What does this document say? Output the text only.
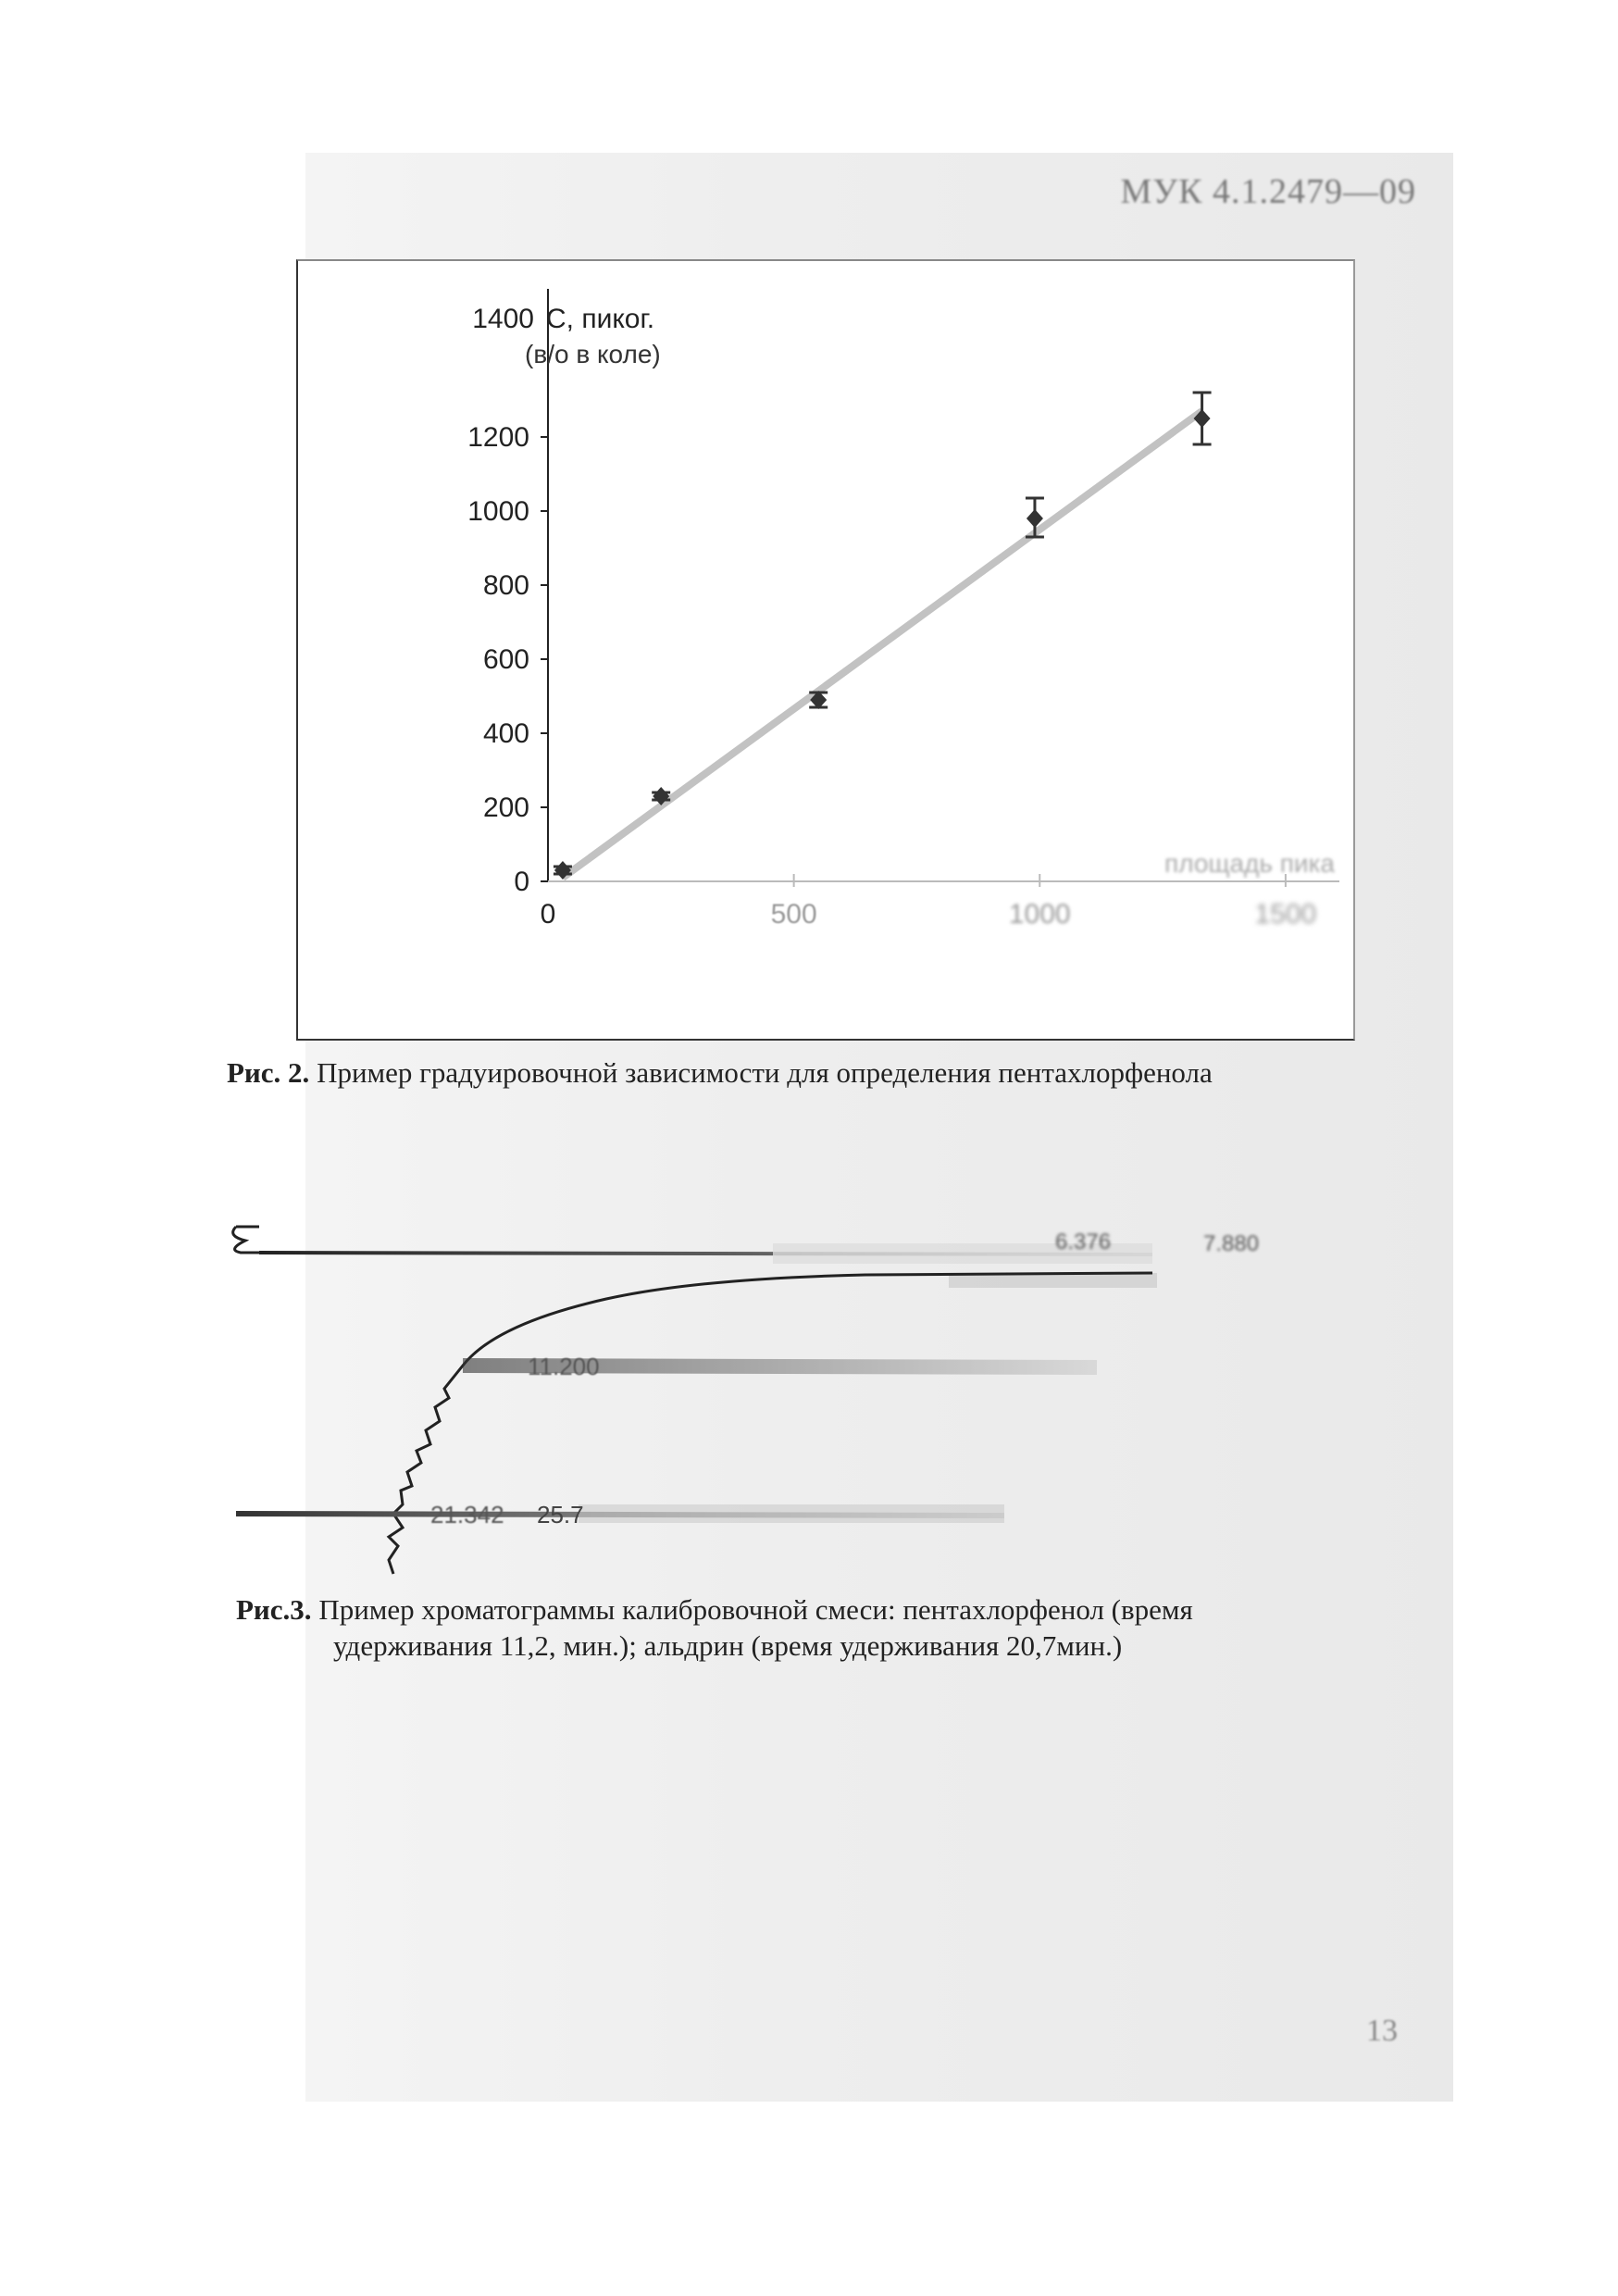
МУК 4.1.2479—09
C, пиког.
(в/о в коле)
площадь пика
0
200
400
600
800
1000
1200
1400
0	500	1000	1500
Рис. 2. Пример градуировочной зависимости для определения пентахлорфенола
6.376	7.880
11.200
21.342 25.7
Рис.3. Пример хроматограммы калибровочной смеси: пентахлорфенол (время
удерживания 11,2, мин.); альдрин (время удерживания 20,7мин.)
13
